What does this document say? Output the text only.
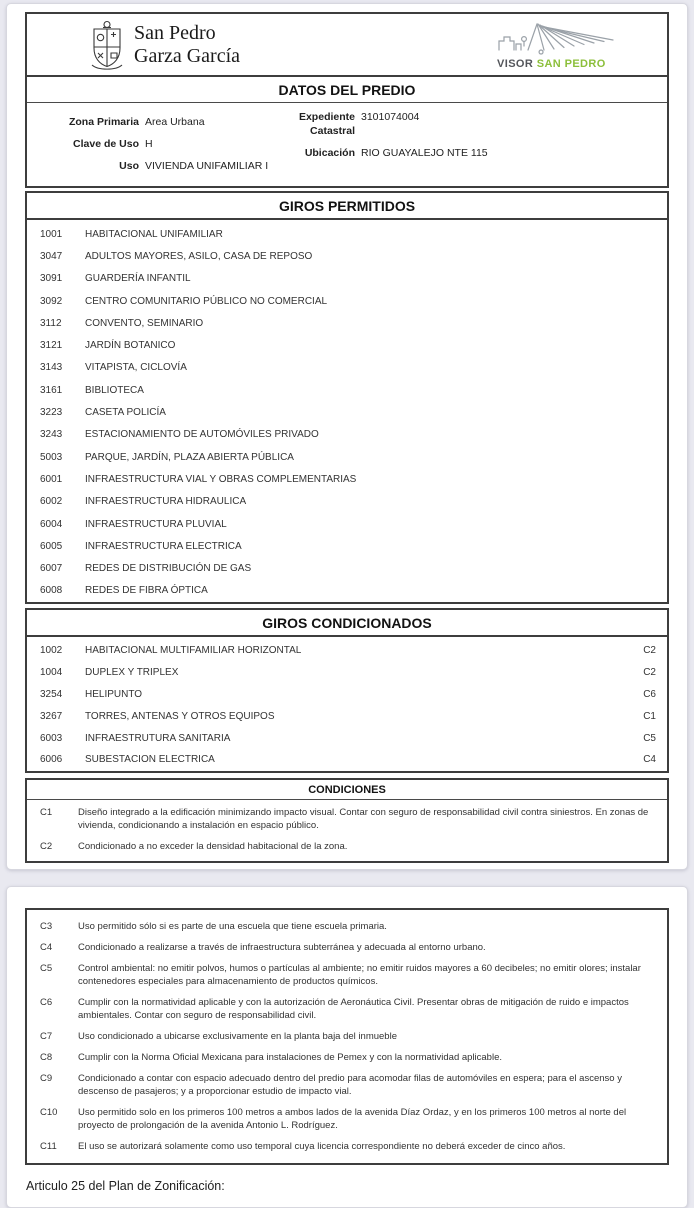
San Pedro
Garza García	VISOR SAN PEDRO
DATOS DEL PREDIO
Zona Primaria Area Urbana
Clave de Uso H
Uso VIVIENDA UNIFAMILIAR I
Expediente Catastral
3101074004
Ubicación RIO GUAYALEJO NTE 115
GIROS PERMITIDOS
1001	HABITACIONAL UNIFAMILIAR
3047	ADULTOS MAYORES, ASILO, CASA DE REPOSO
3091	GUARDERÍA INFANTIL
3092	CENTRO COMUNITARIO PÚBLICO NO COMERCIAL
3112	CONVENTO, SEMINARIO
3121	JARDÍN BOTANICO
3143	VITAPISTA, CICLOVÍA
3161	BIBLIOTECA
3223	CASETA POLICÍA
3243	ESTACIONAMIENTO DE AUTOMÓVILES PRIVADO
5003	PARQUE, JARDÍN, PLAZA ABIERTA PÚBLICA
6001	INFRAESTRUCTURA VIAL Y OBRAS COMPLEMENTARIAS
6002	INFRAESTRUCTURA HIDRAULICA
6004	INFRAESTRUCTURA PLUVIAL
6005	INFRAESTRUCTURA ELECTRICA
6007	REDES DE DISTRIBUCIÓN DE GAS
6008	REDES DE FIBRA ÓPTICA
GIROS CONDICIONADOS
1002	HABITACIONAL MULTIFAMILIAR HORIZONTAL	C2
1004	DUPLEX Y TRIPLEX	C2
3254	HELIPUNTO	C6
3267	TORRES, ANTENAS Y OTROS EQUIPOS	C1
6003	INFRAESTRUTURA SANITARIA	C5
6006	SUBESTACION ELECTRICA	C4
CONDICIONES
C1	Diseño integrado a la edificación minimizando impacto visual. Contar con seguro de responsabilidad civil contra siniestros. En zonas de vivienda, condicionando a instalación en espacio público.
C2	Condicionado a no exceder la densidad habitacional de la zona.
C3	Uso permitido sólo si es parte de una escuela que tiene escuela primaria.
C4	Condicionado a realizarse a través de infraestructura subterránea y adecuada al entorno urbano.
C5	Control ambiental: no emitir polvos, humos o partículas al ambiente; no emitir ruidos mayores a 60 decibeles; no emitir olores; instalar contenedores especiales para almacenamiento de productos químicos.
C6	Cumplir con la normatividad aplicable y con la autorización de Aeronáutica Civil. Presentar obras de mitigación de ruido e impactos ambientales. Contar con seguro de responsabilidad civil.
C7	Uso condicionado a ubicarse exclusivamente en la planta baja del inmueble
C8	Cumplir con la Norma Oficial Mexicana para instalaciones de Pemex y con la normatividad aplicable.
C9	Condicionado a contar con espacio adecuado dentro del predio para acomodar filas de automóviles en espera; para el ascenso y descenso de pasajeros; y a proporcionar estudio de impacto vial.
C10	Uso permitido solo en los primeros 100 metros a ambos lados de la avenida Díaz Ordaz, y en los primeros 100 metros al norte del proyecto de prolongación de la avenida Antonio L. Rodríguez.
C11	El uso se autorizará solamente como uso temporal cuya licencia correspondiente no deberá exceder de cinco años.
Articulo 25 del Plan de Zonificación:
